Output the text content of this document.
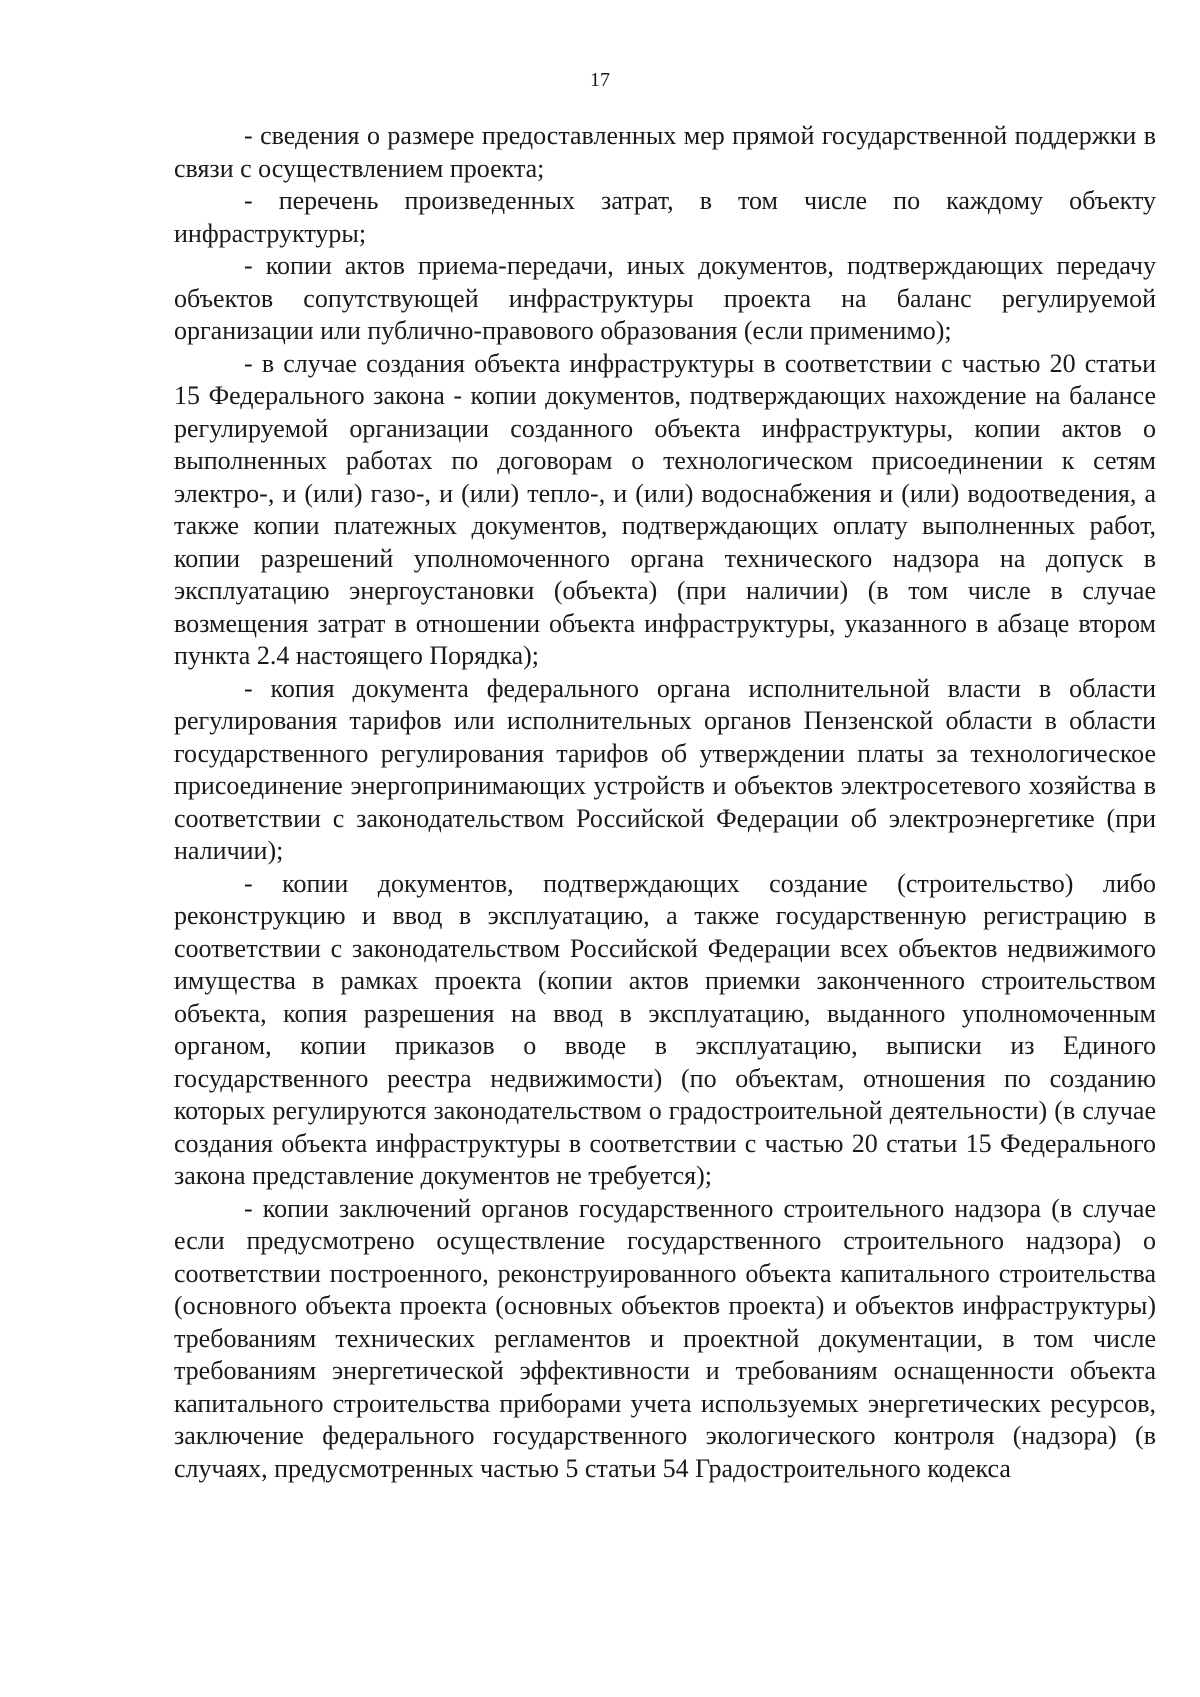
17

- сведения о размере предоставленных мер прямой государственной поддержки в связи с осуществлением проекта;

- перечень произведенных затрат, в том числе по каждому объекту инфраструктуры;

- копии актов приема-передачи, иных документов, подтверждающих передачу объектов сопутствующей инфраструктуры проекта на баланс регулируемой организации или публично-правового образования (если применимо);

- в случае создания объекта инфраструктуры в соответствии с частью 20 статьи 15 Федерального закона - копии документов, подтверждающих нахождение на балансе регулируемой организации созданного объекта инфраструктуры, копии актов о выполненных работах по договорам о технологическом присоединении к сетям электро-, и (или) газо-, и (или) тепло-, и (или) водоснабжения и (или) водоотведения, а также копии платежных документов, подтверждающих оплату выполненных работ, копии разрешений уполномоченного органа технического надзора на допуск в эксплуатацию энергоустановки (объекта) (при наличии) (в том числе в случае возмещения затрат в отношении объекта инфраструктуры, указанного в абзаце втором пункта 2.4 настоящего Порядка);

- копия документа федерального органа исполнительной власти в области регулирования тарифов или исполнительных органов Пензенской области в области государственного регулирования тарифов об утверждении платы за технологическое присоединение энергопринимающих устройств и объектов электросетевого хозяйства в соответствии с законодательством Российской Федерации об электроэнергетике (при наличии);

- копии документов, подтверждающих создание (строительство) либо реконструкцию и ввод в эксплуатацию, а также государственную регистрацию в соответствии с законодательством Российской Федерации всех объектов недвижимого имущества в рамках проекта (копии актов приемки законченного строительством объекта, копия разрешения на ввод в эксплуатацию, выданного уполномоченным органом, копии приказов о вводе в эксплуатацию, выписки из Единого государственного реестра недвижимости) (по объектам, отношения по созданию которых регулируются законодательством о градостроительной деятельности) (в случае создания объекта инфраструктуры в соответствии с частью 20 статьи 15 Федерального закона представление документов не требуется);

- копии заключений органов государственного строительного надзора (в случае если предусмотрено осуществление государственного строительного надзора) о соответствии построенного, реконструированного объекта капитального строительства (основного объекта проекта (основных объектов проекта) и объектов инфраструктуры) требованиям технических регламентов и проектной документации, в том числе требованиям энергетической эффективности и требованиям оснащенности объекта капитального строительства приборами учета используемых энергетических ресурсов, заключение федерального государственного экологического контроля (надзора) (в случаях, предусмотренных частью 5 статьи 54 Градостроительного кодекса
